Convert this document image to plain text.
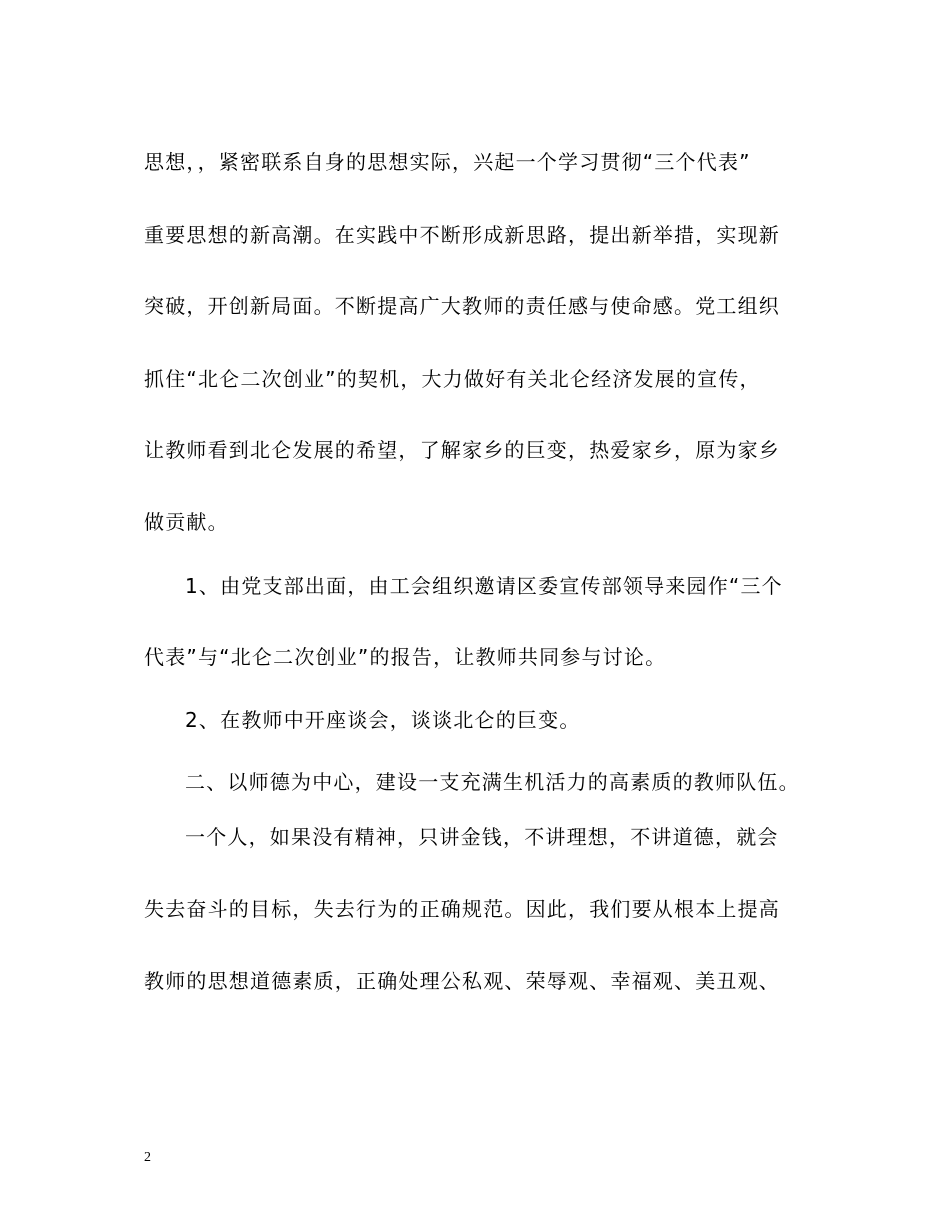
思想，，紧密联系自身的思想实际，兴起一个学习贯彻“三个代表”
重要思想的新高潮。在实践中不断形成新思路，提出新举措，实现新
突破，开创新局面。不断提高广大教师的责任感与使命感。党工组织
抓住“北仑二次创业”的契机，大力做好有关北仑经济发展的宣传，
让教师看到北仑发展的希望，了解家乡的巨变，热爱家乡，原为家乡
做贡献。
1、由党支部出面，由工会组织邀请区委宣传部领导来园作“三个
代表”与“北仑二次创业”的报告，让教师共同参与讨论。
2、在教师中开座谈会，谈谈北仑的巨变。
二、以师德为中心，建设一支充满生机活力的高素质的教师队伍。
一个人，如果没有精神，只讲金钱，不讲理想，不讲道德，就会
失去奋斗的目标，失去行为的正确规范。因此，我们要从根本上提高
教师的思想道德素质，正确处理公私观、荣辱观、幸福观、美丑观、
2
